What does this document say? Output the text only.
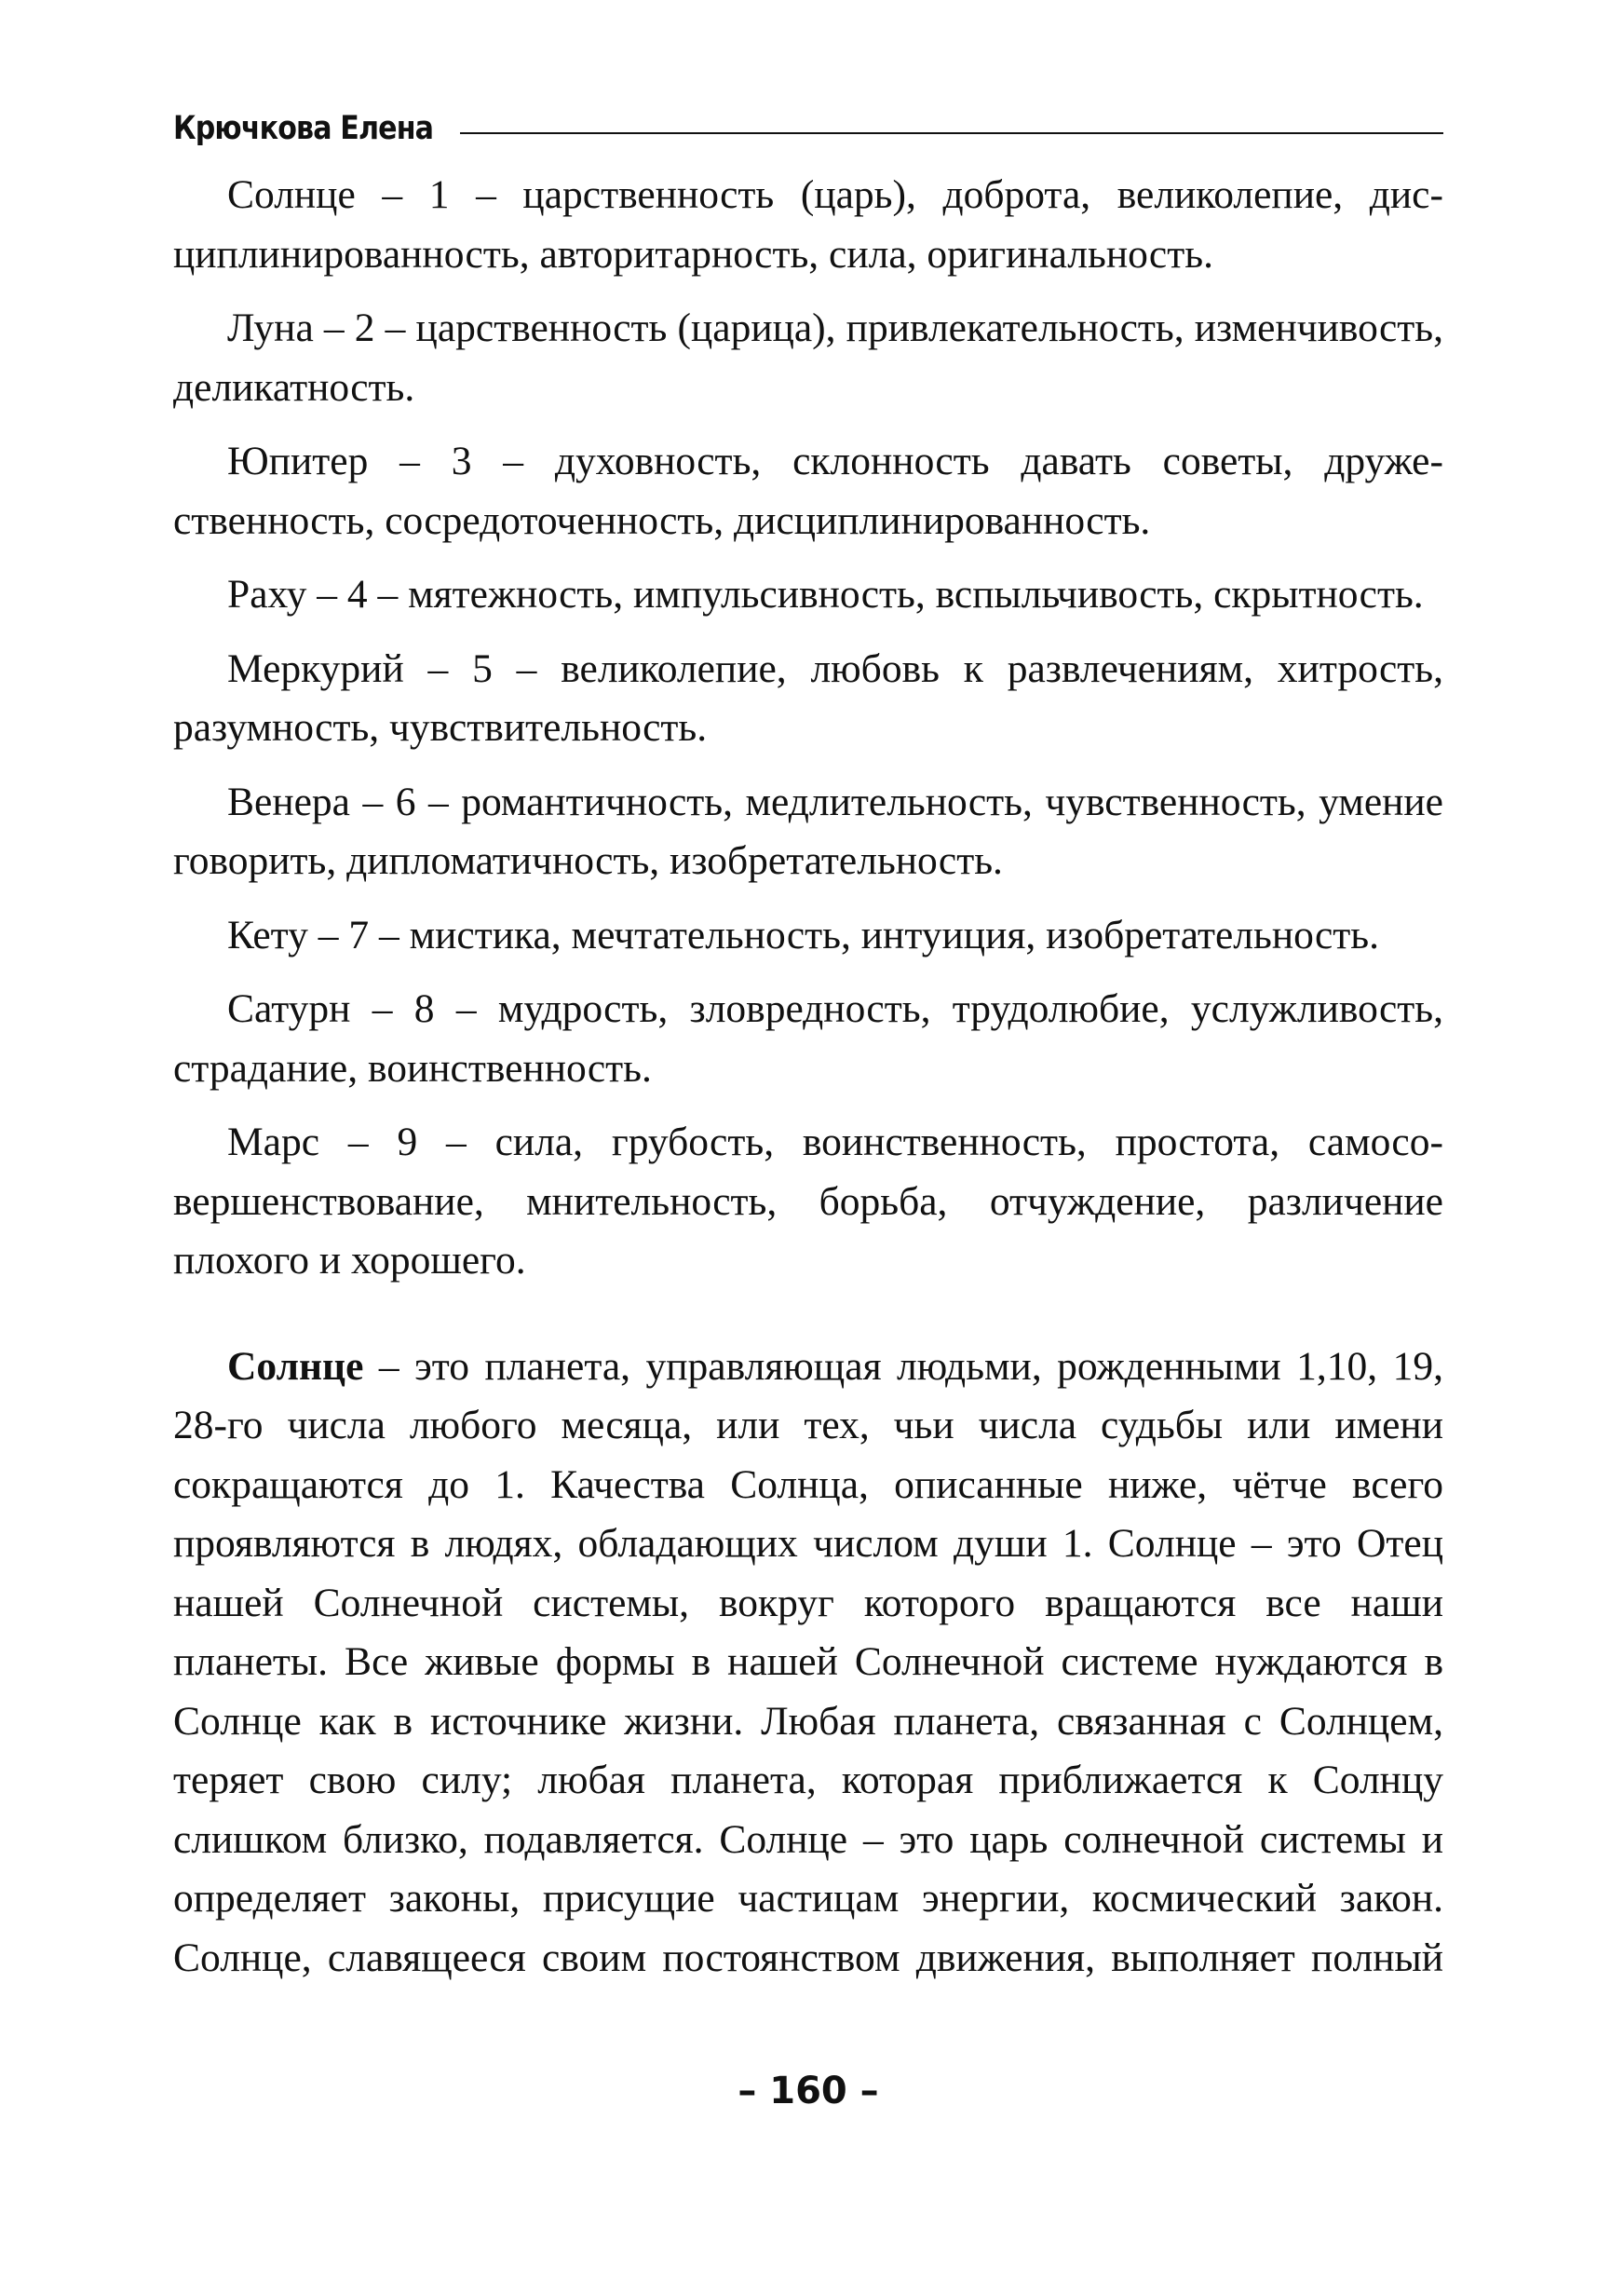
Крючкова Елена

Солнце – 1 – царственность (царь), доброта, великолепие, дисциплинированность, авторитарность, сила, оригинальность.

Луна – 2 – царственность (царица), привлекательность, изменчивость, деликатность.

Юпитер – 3 – духовность, склонность давать советы, дружественность, сосредоточенность, дисциплинированность.

Раху – 4 – мятежность, импульсивность, вспыльчивость, скрытность.

Меркурий – 5 – великолепие, любовь к развлечениям, хитрость, разумность, чувствительность.

Венера – 6 – романтичность, медлительность, чувственность, умение говорить, дипломатичность, изобретательность.

Кету – 7 – мистика, мечтательность, интуиция, изобретательность.

Сатурн – 8 – мудрость, зловредность, трудолюбие, услужливость, страдание, воинственность.

Марс – 9 – сила, грубость, воинственность, простота, самосовершенствование, мнительность, борьба, отчуждение, различение плохого и хорошего.

Солнце – это планета, управляющая людьми, рожденными 1,10, 19, 28-го числа любого месяца, или тех, чьи числа судьбы или имени сокращаются до 1. Качества Солнца, описанные ниже, чётче всего проявляются в людях, обладающих числом души 1. Солнце – это Отец нашей Солнечной системы, вокруг которого вращаются все наши планеты. Все живые формы в нашей Солнечной системе нуждаются в Солнце как в источнике жизни. Любая планета, связанная с Солнцем, теряет свою силу; любая планета, которая приближается к Солнцу слишком близко, подавляется. Солнце – это царь солнечной системы и определяет законы, присущие частицам энергии, космический закон. Солнце, славящееся своим постоянством движения, выполняет полный

– 160 –
